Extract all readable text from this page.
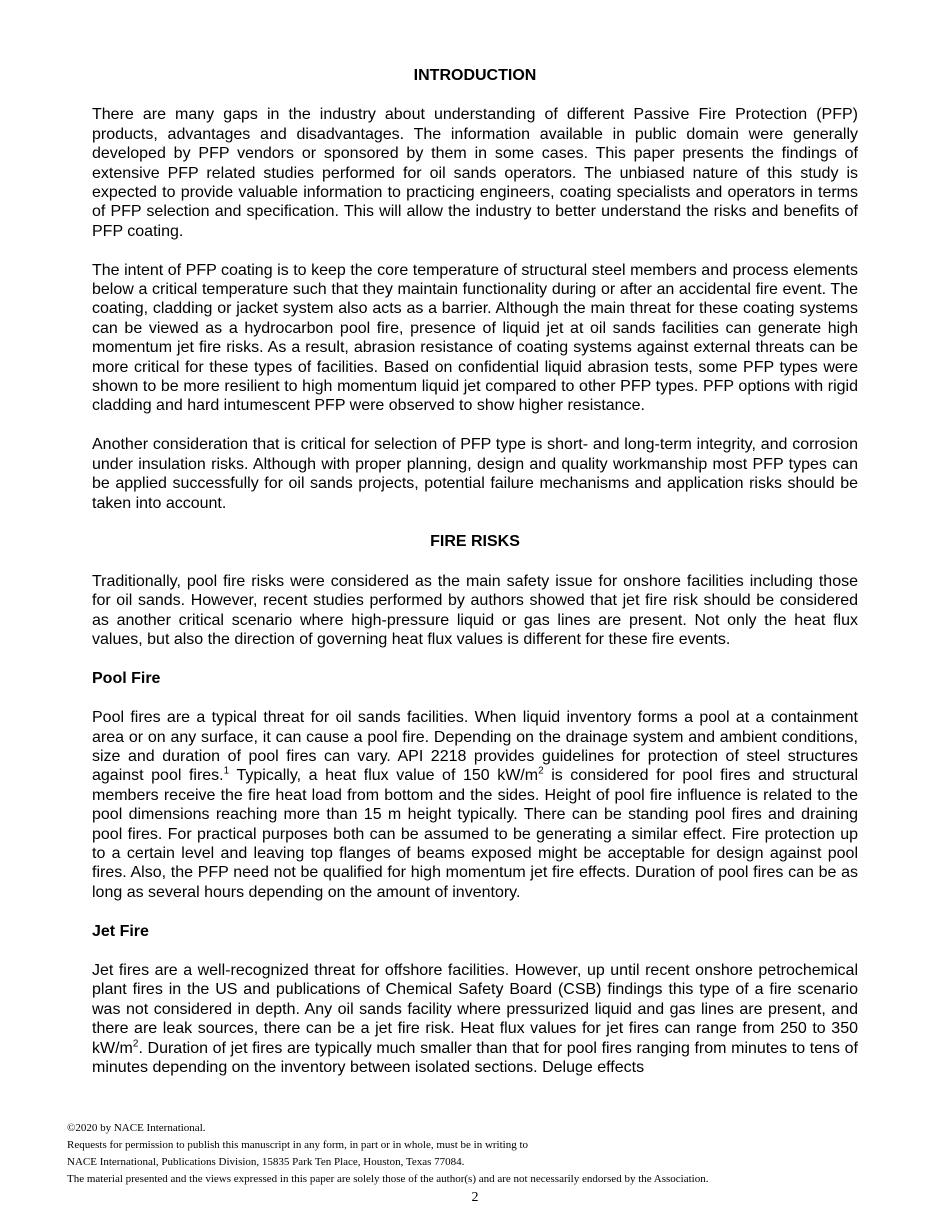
INTRODUCTION

There are many gaps in the industry about understanding of different Passive Fire Protection (PFP) products, advantages and disadvantages. The information available in public domain were generally developed by PFP vendors or sponsored by them in some cases. This paper presents the findings of extensive PFP related studies performed for oil sands operators. The unbiased nature of this study is expected to provide valuable information to practicing engineers, coating specialists and operators in terms of PFP selection and specification. This will allow the industry to better understand the risks and benefits of PFP coating.

The intent of PFP coating is to keep the core temperature of structural steel members and process elements below a critical temperature such that they maintain functionality during or after an accidental fire event. The coating, cladding or jacket system also acts as a barrier. Although the main threat for these coating systems can be viewed as a hydrocarbon pool fire, presence of liquid jet at oil sands facilities can generate high momentum jet fire risks. As a result, abrasion resistance of coating systems against external threats can be more critical for these types of facilities. Based on confidential liquid abrasion tests, some PFP types were shown to be more resilient to high momentum liquid jet compared to other PFP types. PFP options with rigid cladding and hard intumescent PFP were observed to show higher resistance.

Another consideration that is critical for selection of PFP type is short- and long-term integrity, and corrosion under insulation risks. Although with proper planning, design and quality workmanship most PFP types can be applied successfully for oil sands projects, potential failure mechanisms and application risks should be taken into account.

FIRE RISKS

Traditionally, pool fire risks were considered as the main safety issue for onshore facilities including those for oil sands. However, recent studies performed by authors showed that jet fire risk should be considered as another critical scenario where high-pressure liquid or gas lines are present. Not only the heat flux values, but also the direction of governing heat flux values is different for these fire events.

Pool Fire

Pool fires are a typical threat for oil sands facilities. When liquid inventory forms a pool at a containment area or on any surface, it can cause a pool fire. Depending on the drainage system and ambient conditions, size and duration of pool fires can vary. API 2218 provides guidelines for protection of steel structures against pool fires.$^1$ Typically, a heat flux value of 150 $kW/m^2$ is considered for pool fires and structural members receive the fire heat load from bottom and the sides. Height of pool fire influence is related to the pool dimensions reaching more than 15 m height typically. There can be standing pool fires and draining pool fires. For practical purposes both can be assumed to be generating a similar effect. Fire protection up to a certain level and leaving top flanges of beams exposed might be acceptable for design against pool fires. Also, the PFP need not be qualified for high momentum jet fire effects. Duration of pool fires can be as long as several hours depending on the amount of inventory.

Jet Fire

Jet fires are a well-recognized threat for offshore facilities. However, up until recent onshore petrochemical plant fires in the US and publications of Chemical Safety Board (CSB) findings this type of a fire scenario was not considered in depth. Any oil sands facility where pressurized liquid and gas lines are present, and there are leak sources, there can be a jet fire risk. Heat flux values for jet fires can range from 250 to 350 $kW/m^2$. Duration of jet fires are typically much smaller than that for pool fires ranging from minutes to tens of minutes depending on the inventory between isolated sections. Deluge effects

©2020 by NACE International.
Requests for permission to publish this manuscript in any form, in part or in whole, must be in writing to
NACE International, Publications Division, 15835 Park Ten Place, Houston, Texas 77084.
The material presented and the views expressed in this paper are solely those of the author(s) and are not necessarily endorsed by the Association.
2
